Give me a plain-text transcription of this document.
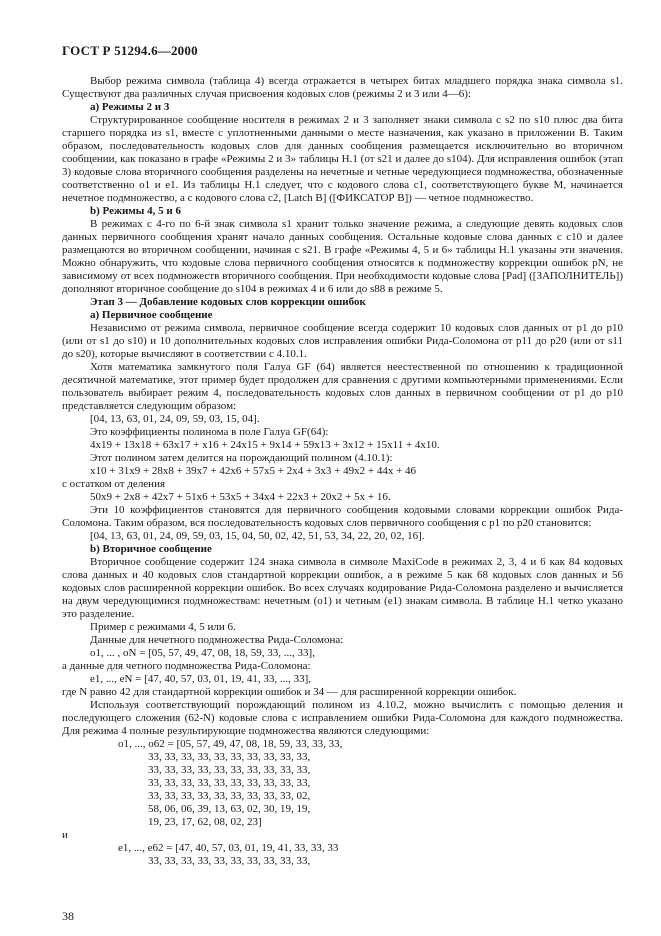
ГОСТ Р 51294.6—2000

Выбор режима символа (таблица 4) всегда отражается в четырех битах младшего порядка знака символа s1. Существуют два различных случая присвоения кодовых слов (режимы 2 и 3 или 4—6):

а) Режимы 2 и 3

Структурированное сообщение носителя в режимах 2 и 3 заполняет знаки символа с s2 по s10 плюс два бита старшего порядка из s1, вместе с уплотненными данными о месте назначения, как указано в приложении В. Таким образом, последовательность кодовых слов для данных сообщения размещается исключительно во вторичном сообщении, как показано в графе «Режимы 2 и 3» таблицы Н.1 (от s21 и далее до s104). Для исправления ошибок (этап 3) кодовые слова вторичного сообщения разделены на нечетные и четные чередующиеся подмножества, обозначенные соответственно o1 и e1. Из таблицы Н.1 следует, что с кодового слова c1, соответствующего букве М, начинается нечетное подмножество, а с кодового слова c2, [Latch B] ([ФИКСАТОР B]) — четное подмножество.

b) Режимы 4, 5 и 6

В режимах с 4-го по 6-й знак символа s1 хранит только значение режима, а следующие девять кодовых слов данных первичного сообщения хранят начало данных сообщения. Остальные кодовые слова данных с c10 и далее размещаются во вторичном сообщении, начиная с s21. В графе «Режимы 4, 5 и 6» таблицы Н.1 указаны эти значения. Можно обнаружить, что кодовые слова первичного сообщения относятся к подмножеству коррекции ошибок pN, не зависимому от всех подмножеств вторичного сообщения. При необходимости кодовые слова [Pad] ([ЗАПОЛНИТЕЛЬ]) дополняют вторичное сообщение до s104 в режимах 4 и 6 или до s88 в режиме 5.

Этап 3 — Добавление кодовых слов коррекции ошибок

а) Первичное сообщение

Независимо от режима символа, первичное сообщение всегда содержит 10 кодовых слов данных от p1 до p10 (или от s1 до s10) и 10 дополнительных кодовых слов исправления ошибки Рида-Соломона от p11 до p20 (или от s11 до s20), которые вычисляют в соответствии с 4.10.1.

Хотя математика замкнутого поля Галуа GF (64) является неестественной по отношению к традиционной десятичной математике, этот пример будет продолжен для сравнения с другими компьютерными применениями. Если пользователь выбирает режим 4, последовательность кодовых слов данных в первичном сообщении от p1 до p10 представляется следующим образом:

[04, 13, 63, 01, 24, 09, 59, 03, 15, 04].

Это коэффициенты полинома в поле Галуа GF(64):

4x19 + 13x18 + 63x17 + x16 + 24x15 + 9x14 + 59x13 + 3x12 + 15x11 + 4x10.

Этот полином затем делится на порождающий полином (4.10.1):

x10 + 31x9 + 28x8 + 39x7 + 42x6 + 57x5 + 2x4 + 3x3 + 49x2 + 44x + 46

с остатком от деления

50x9 + 2x8 + 42x7 + 51x6 + 53x5 + 34x4 + 22x3 + 20x2 + 5x + 16.

Эти 10 коэффициентов становятся для первичного сообщения кодовыми словами коррекции ошибок Рида-Соломона. Таким образом, вся последовательность кодовых слов первичного сообщения с p1 по p20 становится:

[04, 13, 63, 01, 24, 09, 59, 03, 15, 04, 50, 02, 42, 51, 53, 34, 22, 20, 02, 16].

b) Вторичное сообщение

Вторичное сообщение содержит 124 знака символа в символе MaxiCode в режимах 2, 3, 4 и 6 как 84 кодовых слова данных и 40 кодовых слов стандартной коррекции ошибок, а в режиме 5 как 68 кодовых слов данных и 56 кодовых слов расширенной коррекции ошибок. Во всех случаях кодирование Рида-Соломона разделено и вычисляется на двум чередующимися подмножествам: нечетным (o1) и четным (e1) знакам символа. В таблице Н.1 четко указано это разделение.

Пример с режимами 4, 5 или 6.

Данные для нечетного подмножества Рида-Соломона:

o1, ... , oN = [05, 57, 49, 47, 08, 18, 59, 33, ..., 33],

а данные для четного подмножества Рида-Соломона:

e1, ..., eN = [47, 40, 57, 03, 01, 19, 41, 33, ..., 33],

где N равно 42 для стандартной коррекции ошибок и 34 — для расширенной коррекции ошибок.

Используя соответствующий порождающий полином из 4.10.2, можно вычислить с помощью деления и последующего сложения (62-N) кодовые слова с исправлением ошибки Рида-Соломона для каждого подмножества. Для режима 4 полные результирующие подмножества являются следующими:

o1, ..., o62 = [05, 57, 49, 47, 08, 18, 59, 33, 33, 33,

33, 33, 33, 33, 33, 33, 33, 33, 33, 33,

33, 33, 33, 33, 33, 33, 33, 33, 33, 33,

33, 33, 33, 33, 33, 33, 33, 33, 33, 33,

33, 33, 33, 33, 33, 33, 33, 33, 33, 02,

58, 06, 06, 39, 13, 63, 02, 30, 19, 19,

19, 23, 17, 62, 08, 02, 23]

и

e1, ..., e62 = [47, 40, 57, 03, 01, 19, 41, 33, 33, 33

33, 33, 33, 33, 33, 33, 33, 33, 33, 33,

38
